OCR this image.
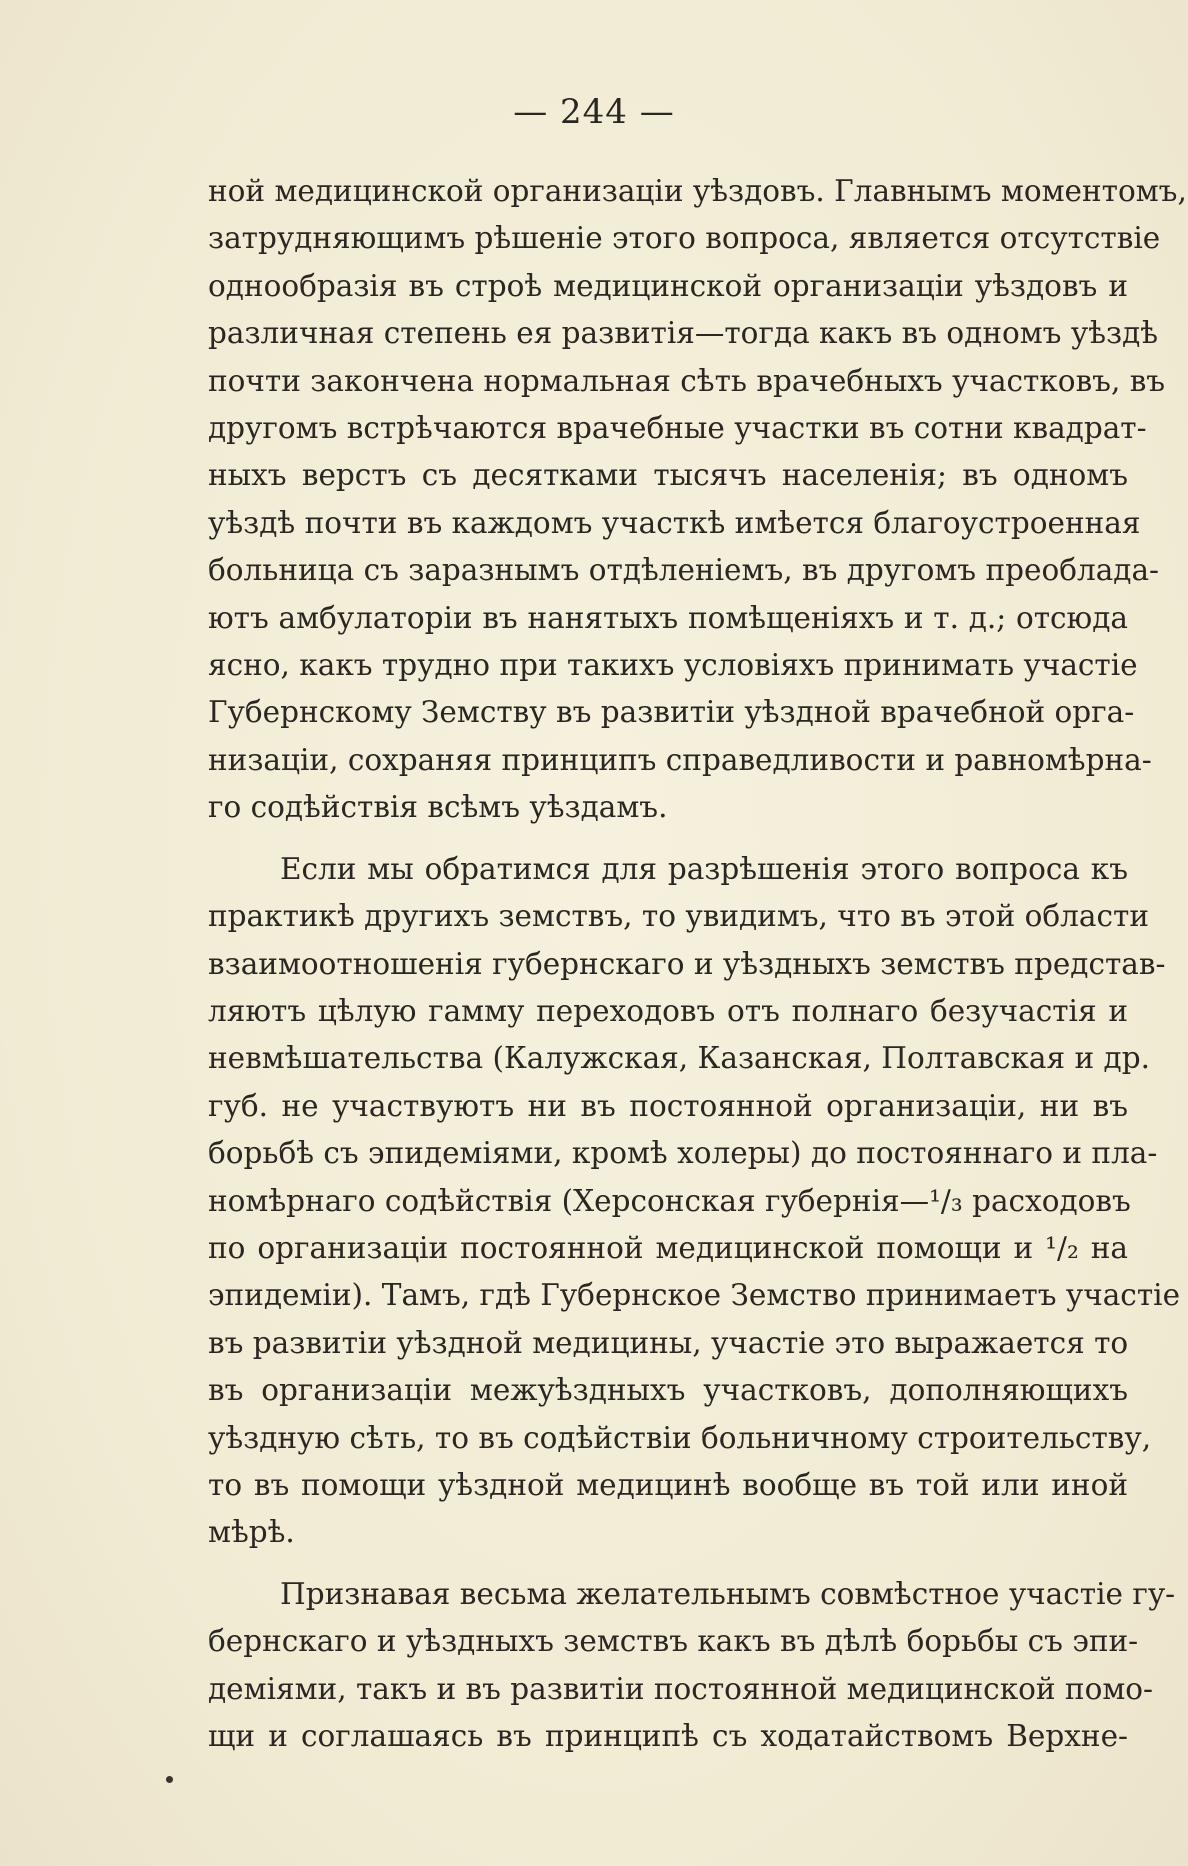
— 244 —

ной медицинской организацiи уѣздовъ. Главнымъ моментомъ,
затрудняющимъ рѣшенiе этого вопроса, является отсутствiе
однообразiя въ строѣ медицинской организацiи уѣздовъ и
различная степень ея развитiя—тогда какъ въ одномъ уѣздѣ
почти закончена нормальная сѣть врачебныхъ участковъ, въ
другомъ встрѣчаются врачебные участки въ сотни квадрат-
ныхъ верстъ съ десятками тысячъ населенiя; въ одномъ
уѣздѣ почти въ каждомъ участкѣ имѣется благоустроенная
больница съ заразнымъ отдѣленiемъ, въ другомъ преоблада-
ютъ амбулаторiи въ нанятыхъ помѣщенiяхъ и т. д.; отсюда
ясно, какъ трудно при такихъ условiяхъ принимать участiе
Губернскому Земству въ развитiи уѣздной врачебной орга-
низацiи, сохраняя принципъ справедливости и равномѣрна-
го содѣйствiя всѣмъ уѣздамъ.

Если мы обратимся для разрѣшенiя этого вопроса къ
практикѣ другихъ земствъ, то увидимъ, что въ этой области
взаимоотношенiя губернскаго и уѣздныхъ земствъ представ-
ляютъ цѣлую гамму переходовъ отъ полнаго безучастiя и
невмѣшательства (Калужская, Казанская, Полтавская и др.
губ. не участвуютъ ни въ постоянной организацiи, ни въ
борьбѣ съ эпидемiями, кромѣ холеры) до постояннаго и пла-
номѣрнаго содѣйствiя (Херсонская губернiя—¹/₃ расходовъ
по организацiи постоянной медицинской помощи и ¹/₂ на
эпидемiи). Тамъ, гдѣ Губернское Земство принимаетъ участiе
въ развитiи уѣздной медицины, участiе это выражается то
въ организацiи межуѣздныхъ участковъ, дополняющихъ
уѣздную сѣть, то въ содѣйствiи больничному строительству,
то въ помощи уѣздной медицинѣ вообще въ той или иной
мѣрѣ.

Признавая весьма желательнымъ совмѣстное участiе гу-
бернскаго и уѣздныхъ земствъ какъ въ дѣлѣ борьбы съ эпи-
демiями, такъ и въ развитiи постоянной медицинской помо-
щи и соглашаясь въ принципѣ съ ходатайствомъ Верхне-
